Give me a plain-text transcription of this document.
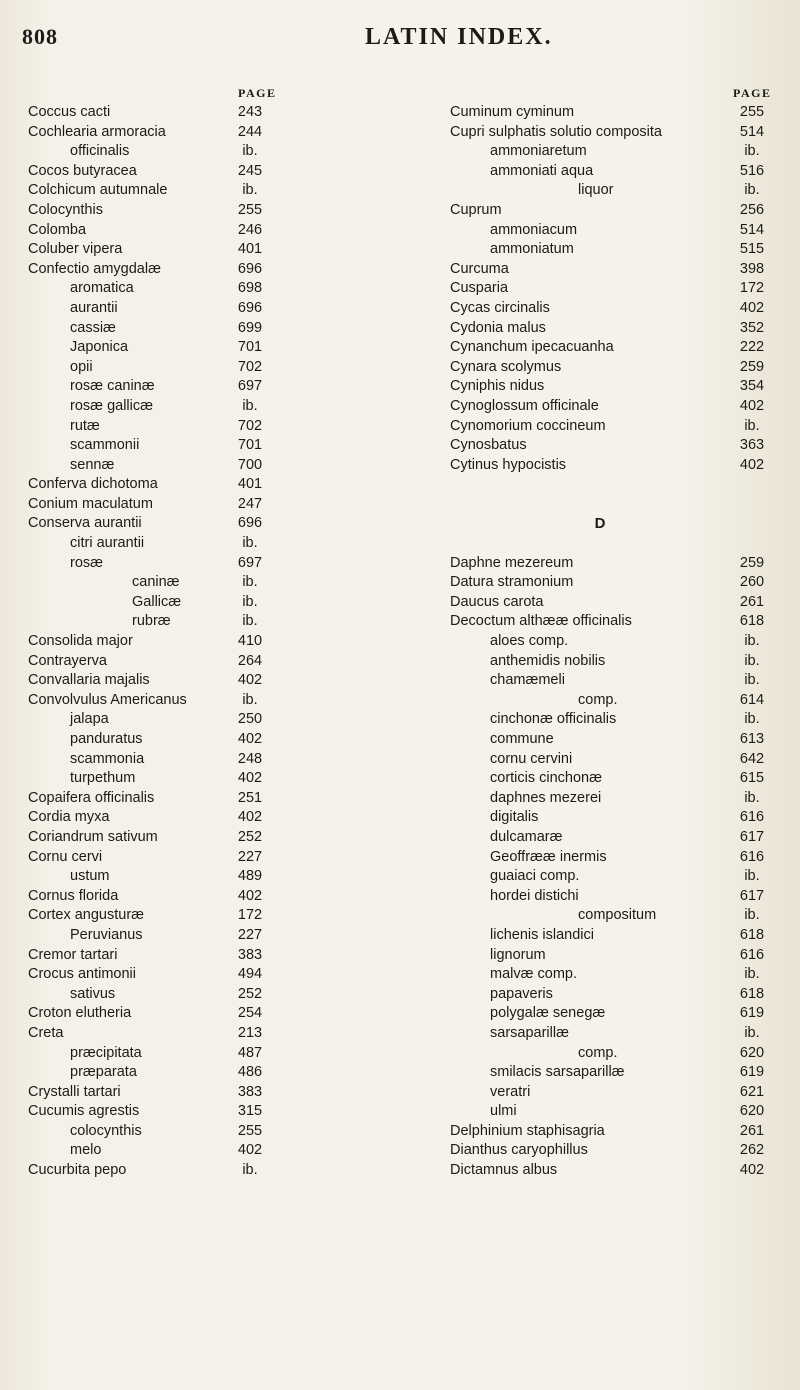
808	LATIN INDEX.
PAGE	PAGE
Coccus cacti	243
Cochlearia armoracia	244
officinalis	ib.
Cocos butyracea	245
Colchicum autumnale	ib.
Colocynthis	255
Colomba	246
Coluber vipera	401
Confectio amygdalæ	696
aromatica	698
aurantii	696
cassiæ	699
Japonica	701
opii	702
rosæ caninæ	697
rosæ gallicæ	ib.
rutæ	702
scammonii	701
sennæ	700
Conferva dichotoma	401
Conium maculatum	247
Conserva aurantii	696
citri aurantii	ib.
rosæ	697
caninæ	ib.
Gallicæ	ib.
rubræ	ib.
Consolida major	410
Contrayerva	264
Convallaria majalis	402
Convolvulus Americanus	ib.
jalapa	250
panduratus	402
scammonia	248
turpethum	402
Copaifera officinalis	251
Cordia myxa	402
Coriandrum sativum	252
Cornu cervi	227
ustum	489
Cornus florida	402
Cortex angusturæ	172
Peruvianus	227
Cremor tartari	383
Crocus antimonii	494
sativus	252
Croton elutheria	254
Creta	213
præcipitata	487
præparata	486
Crystalli tartari	383
Cucumis agrestis	315
colocynthis	255
melo	402
Cucurbita pepo	ib.
Cuminum cyminum	255
Cupri sulphatis solutio composita	514
ammoniaretum	ib.
ammoniati aqua	516
liquor	ib.
Cuprum	256
ammoniacum	514
ammoniatum	515
Curcuma	398
Cusparia	172
Cycas circinalis	402
Cydonia malus	352
Cynanchum ipecacuanha	222
Cynara scolymus	259
Cyniphis nidus	354
Cynoglossum officinale	402
Cynomorium coccineum	ib.
Cynosbatus	363
Cytinus hypocistis	402
D
Daphne mezereum	259
Datura stramonium	260
Daucus carota	261
Decoctum althææ officinalis	618
aloes comp.	ib.
anthemidis nobilis	ib.
chamæmeli	ib.
comp.	614
cinchonæ officinalis	ib.
commune	613
cornu cervini	642
corticis cinchonæ	615
daphnes mezerei	ib.
digitalis	616
dulcamaræ	617
Geoffrææ inermis	616
guaiaci comp.	ib.
hordei distichi	617
compositum	ib.
lichenis islandici	618
lignorum	616
malvæ comp.	ib.
papaveris	618
polygalæ senegæ	619
sarsaparillæ	ib.
comp.	620
smilacis sarsaparillæ	619
veratri	621
ulmi	620
Delphinium staphisagria	261
Dianthus caryophillus	262
Dictamnus albus	402
